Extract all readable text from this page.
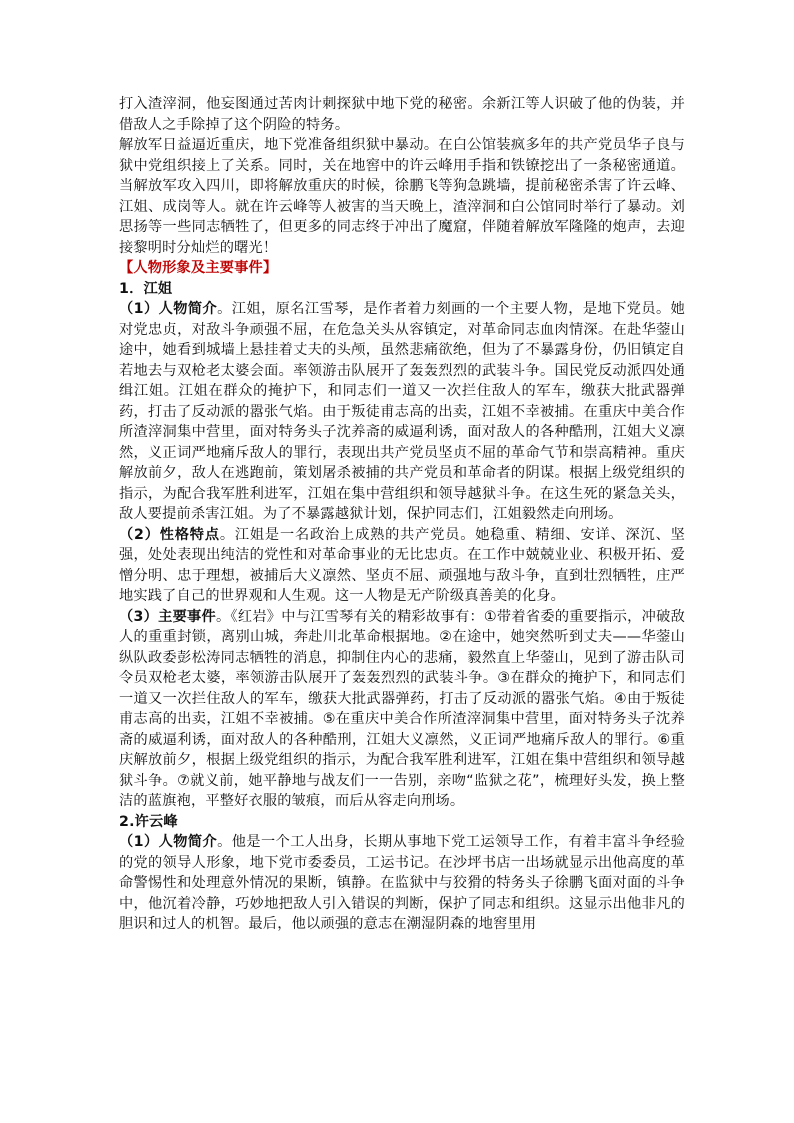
打入渣滓洞，他妄图通过苦肉计刺探狱中地下党的秘密。余新江等人识破了他的伪装，并借敌人之手除掉了这个阴险的特务。

解放军日益逼近重庆，地下党准备组织狱中暴动。在白公馆装疯多年的共产党员华子良与狱中党组织接上了关系。同时，关在地窖中的许云峰用手指和铁镣挖出了一条秘密通道。当解放军攻入四川，即将解放重庆的时候，徐鹏飞等狗急跳墙，提前秘密杀害了许云峰、江姐、成岗等人。就在许云峰等人被害的当天晚上，渣滓洞和白公馆同时举行了暴动。刘思扬等一些同志牺牲了，但更多的同志终于冲出了魔窟，伴随着解放军隆隆的炮声，去迎接黎明时分灿烂的曙光！

【人物形象及主要事件】

1．江姐

（1）人物简介。江姐，原名江雪琴，是作者着力刻画的一个主要人物，是地下党员。她对党忠贞，对敌斗争顽强不屈，在危急关头从容镇定，对革命同志血肉情深。在赴华蓥山途中，她看到城墙上悬挂着丈夫的头颅，虽然悲痛欲绝，但为了不暴露身份，仍旧镇定自若地去与双枪老太婆会面。率领游击队展开了轰轰烈烈的武装斗争。国民党反动派四处通缉江姐。江姐在群众的掩护下，和同志们一道又一次拦住敌人的军车，缴获大批武器弹药，打击了反动派的嚣张气焰。由于叛徒甫志高的出卖，江姐不幸被捕。在重庆中美合作所渣滓洞集中营里，面对特务头子沈养斋的威逼利诱，面对敌人的各种酷刑，江姐大义凛然，义正词严地痛斥敌人的罪行，表现出共产党员坚贞不屈的革命气节和崇高精神。重庆解放前夕，敌人在逃跑前，策划屠杀被捕的共产党员和革命者的阴谋。根据上级党组织的指示，为配合我军胜利进军，江姐在集中营组织和领导越狱斗争。在这生死的紧急关头，敌人要提前杀害江姐。为了不暴露越狱计划，保护同志们，江姐毅然走向刑场。

（2）性格特点。江姐是一名政治上成熟的共产党员。她稳重、精细、安详、深沉、坚强，处处表现出纯洁的党性和对革命事业的无比忠贞。在工作中兢兢业业、积极开拓、爱憎分明、忠于理想，被捕后大义凛然、坚贞不屈、顽强地与敌斗争，直到壮烈牺牲，庄严地实践了自己的世界观和人生观。这一人物是无产阶级真善美的化身。

（3）主要事件。《红岩》中与江雪琴有关的精彩故事有：①带着省委的重要指示，冲破敌人的重重封锁，离别山城，奔赴川北革命根据地。②在途中，她突然听到丈夫——华蓥山纵队政委彭松涛同志牺牲的消息，抑制住内心的悲痛，毅然直上华蓥山，见到了游击队司令员双枪老太婆，率领游击队展开了轰轰烈烈的武装斗争。③在群众的掩护下，和同志们一道又一次拦住敌人的军车，缴获大批武器弹药，打击了反动派的嚣张气焰。④由于叛徒甫志高的出卖，江姐不幸被捕。⑤在重庆中美合作所渣滓洞集中营里，面对特务头子沈养斋的威逼利诱，面对敌人的各种酷刑，江姐大义凛然，义正词严地痛斥敌人的罪行。⑥重庆解放前夕，根据上级党组织的指示，为配合我军胜利进军，江姐在集中营组织和领导越狱斗争。⑦就义前，她平静地与战友们一一告别，亲吻“监狱之花”，梳理好头发，换上整洁的蓝旗袍，平整好衣服的皱痕，而后从容走向刑场。

2.许云峰

（1）人物简介。他是一个工人出身，长期从事地下党工运领导工作，有着丰富斗争经验的党的领导人形象，地下党市委委员，工运书记。在沙坪书店一出场就显示出他高度的革命警惕性和处理意外情况的果断，镇静。在监狱中与狡猾的特务头子徐鹏飞面对面的斗争中，他沉着冷静，巧妙地把敌人引入错误的判断，保护了同志和组织。这显示出他非凡的胆识和过人的机智。最后，他以顽强的意志在潮湿阴森的地窖里用
